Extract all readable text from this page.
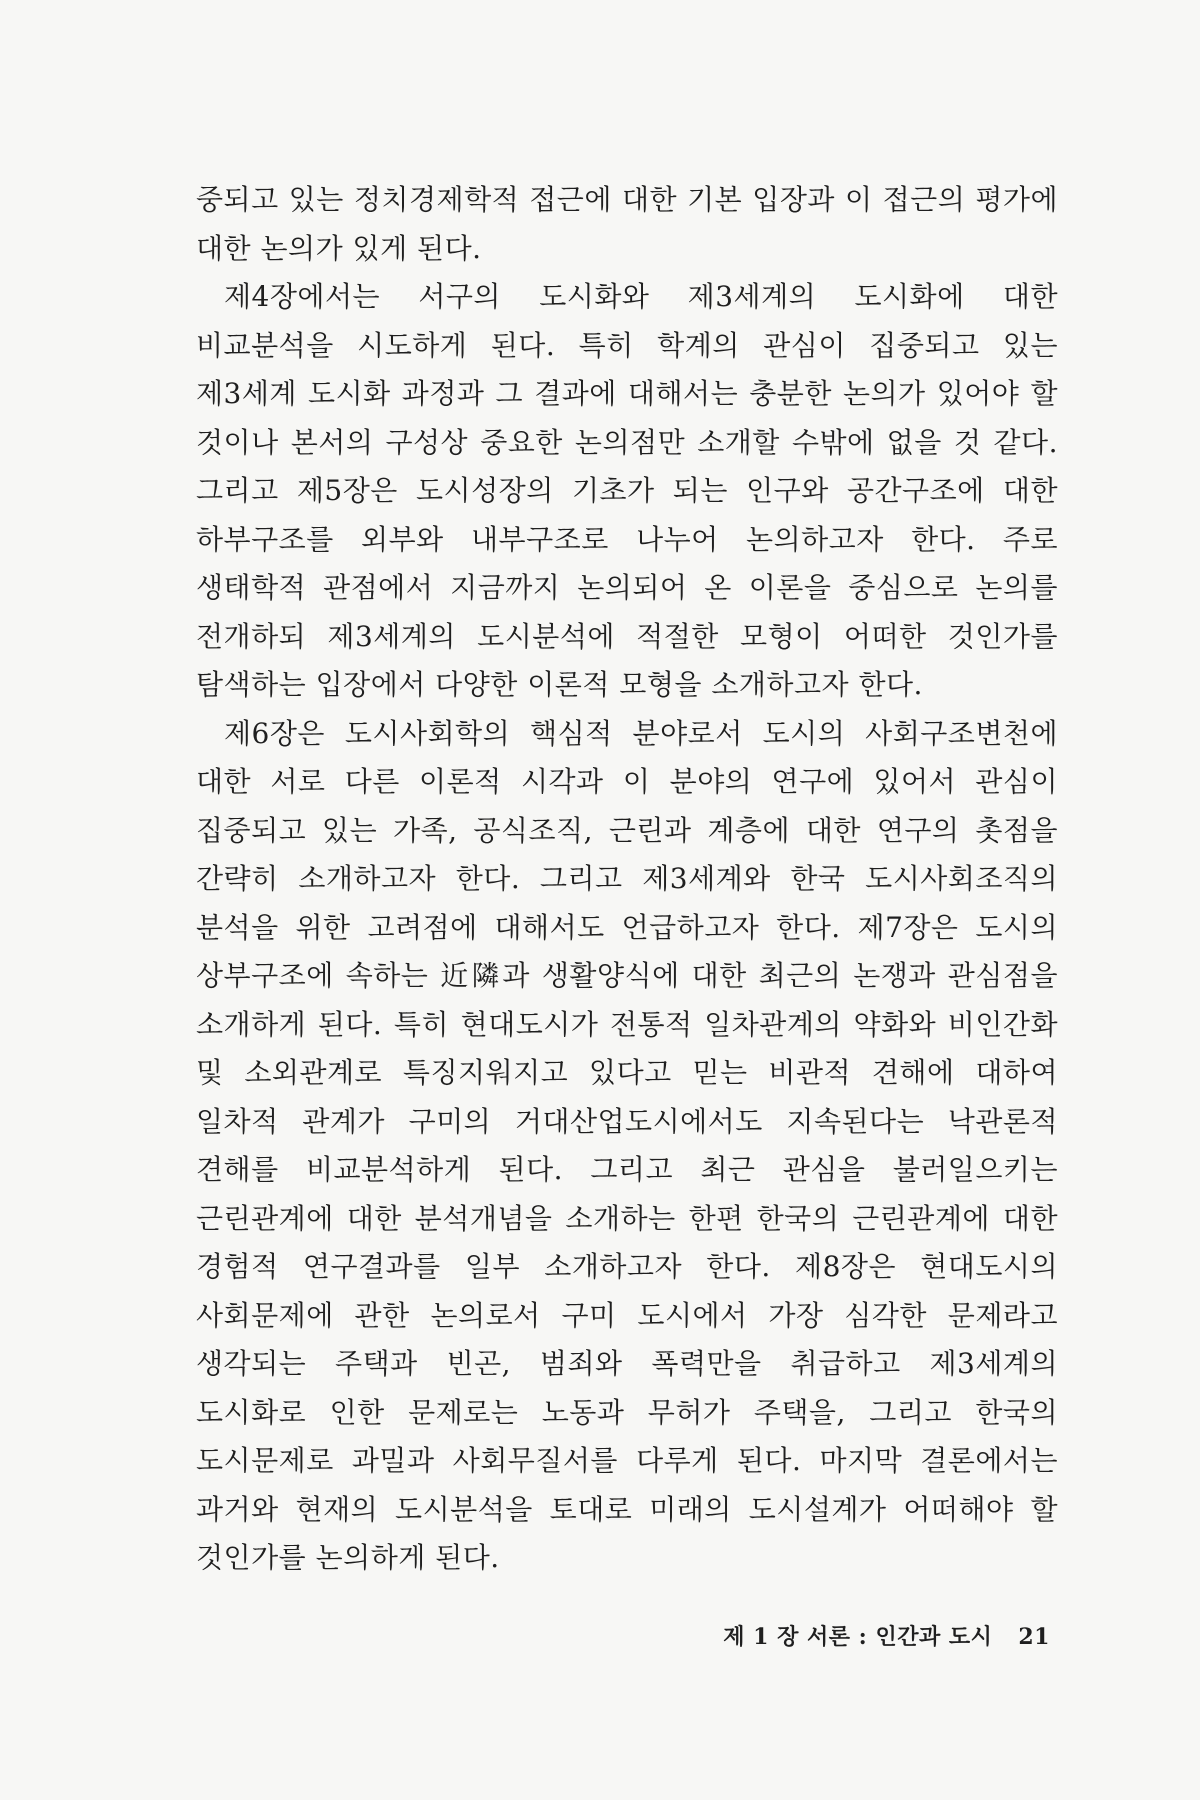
중되고 있는 정치경제학적 접근에 대한 기본 입장과 이 접근의 평가에 대한 논의가 있게 된다.

제4장에서는 서구의 도시화와 제3세계의 도시화에 대한 비교분석을 시도하게 된다. 특히 학계의 관심이 집중되고 있는 제3세계 도시화 과정과 그 결과에 대해서는 충분한 논의가 있어야 할 것이나 본서의 구성상 중요한 논의점만 소개할 수밖에 없을 것 같다. 그리고 제5장은 도시성장의 기초가 되는 인구와 공간구조에 대한 하부구조를 외부와 내부구조로 나누어 논의하고자 한다. 주로 생태학적 관점에서 지금까지 논의되어 온 이론을 중심으로 논의를 전개하되 제3세계의 도시분석에 적절한 모형이 어떠한 것인가를 탐색하는 입장에서 다양한 이론적 모형을 소개하고자 한다.

제6장은 도시사회학의 핵심적 분야로서 도시의 사회구조변천에 대한 서로 다른 이론적 시각과 이 분야의 연구에 있어서 관심이 집중되고 있는 가족, 공식조직, 근린과 계층에 대한 연구의 촛점을 간략히 소개하고자 한다. 그리고 제3세계와 한국 도시사회조직의 분석을 위한 고려점에 대해서도 언급하고자 한다. 제7장은 도시의 상부구조에 속하는 近隣과 생활양식에 대한 최근의 논쟁과 관심점을 소개하게 된다. 특히 현대도시가 전통적 일차관계의 약화와 비인간화 및 소외관계로 특징지워지고 있다고 믿는 비관적 견해에 대하여 일차적 관계가 구미의 거대산업도시에서도 지속된다는 낙관론적 견해를 비교분석하게 된다. 그리고 최근 관심을 불러일으키는 근린관계에 대한 분석개념을 소개하는 한편 한국의 근린관계에 대한 경험적 연구결과를 일부 소개하고자 한다. 제8장은 현대도시의 사회문제에 관한 논의로서 구미 도시에서 가장 심각한 문제라고 생각되는 주택과 빈곤, 범죄와 폭력만을 취급하고 제3세계의 도시화로 인한 문제로는 노동과 무허가 주택을, 그리고 한국의 도시문제로 과밀과 사회무질서를 다루게 된다. 마지막 결론에서는 과거와 현재의 도시분석을 토대로 미래의 도시설계가 어떠해야 할 것인가를 논의하게 된다.

제 1 장 서론 : 인간과 도시 21
